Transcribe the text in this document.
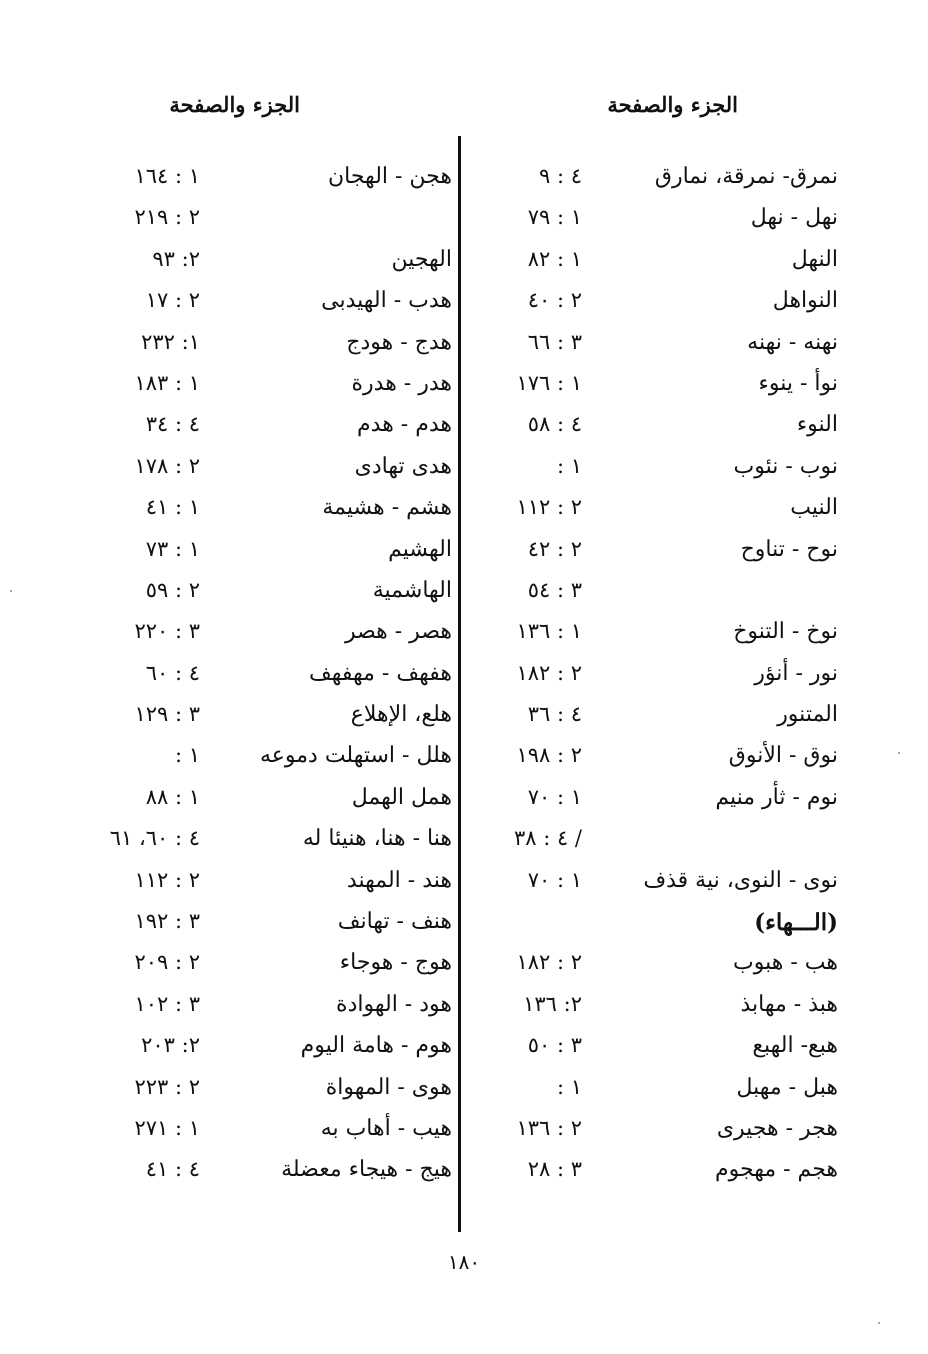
الجزء والصفحة
الجزء والصفحة
نمرق- نمرقة، نمارق
٤ : ٩
نهل - نهل
١ : ٧٩
النهل
١ : ٨٢
النواهل
٢ : ٤٠
نهنه - نهنه
٣ : ٦٦
نوأ - ينوء
١ : ١٧٦
النوء
٤ : ٥٨
نوب - نئوب
١ :
النيب
٢ : ١١٢
نوح - تناوح
٢ : ٤٢
٣ : ٥٤
نوخ - التنوخ
١ : ١٣٦
نور - أنؤر
٢ : ١٨٢
المتنور
٤ : ٣٦
نوق - الأنوق
٢ : ١٩٨
نوم - ثأر منيم
١ : ٧٠
/ ٤ : ٣٨
نوى - النوى، نية قذف
١ : ٧٠
(الـــهاء)
هب - هبوب
٢ : ١٨٢
هبذ - مهابذ
٢: ١٣٦
هبع- الهبع
٣ : ٥٠
هبل - مهبل
١ :
هجر - هجيرى
٢ : ١٣٦
هجم - مهجوم
٣ : ٢٨
هجن - الهجان
١ : ١٦٤
٢ : ٢١٩
الهجين
٢: ٩٣
هدب - الهيدبى
٢ : ١٧
هدج - هودج
١: ٢٣٢
هدر - هدرة
١ : ١٨٣
هدم - هدم
٤ : ٣٤
هدى تهادى
٢ : ١٧٨
هشم - هشيمة
١ : ٤١
الهشيم
١ : ٧٣
الهاشمية
٢ : ٥٩
هصر - هصر
٣ : ٢٢٠
هفهف - مهفهف
٤ : ٦٠
هلع، الإهلاع
٣ : ١٢٩
هلل - استهلت دموعه
١ :
همل الهمل
١ : ٨٨
هنا - هنا، هنيئا له
٤ : ٦٠، ٦١
هند - المهند
٢ : ١١٢
هنف - تهانف
٣ : ١٩٢
هوج - هوجاء
٢ : ٢٠٩
هود - الهوادة
٣ : ١٠٢
هوم - هامة اليوم
٢: ٢٠٣
هوى - المهواة
٢ : ٢٢٣
هيب - أهاب به
١ : ٢٧١
هيج - هيجاء معضلة
٤ : ٤١
١٨٠
